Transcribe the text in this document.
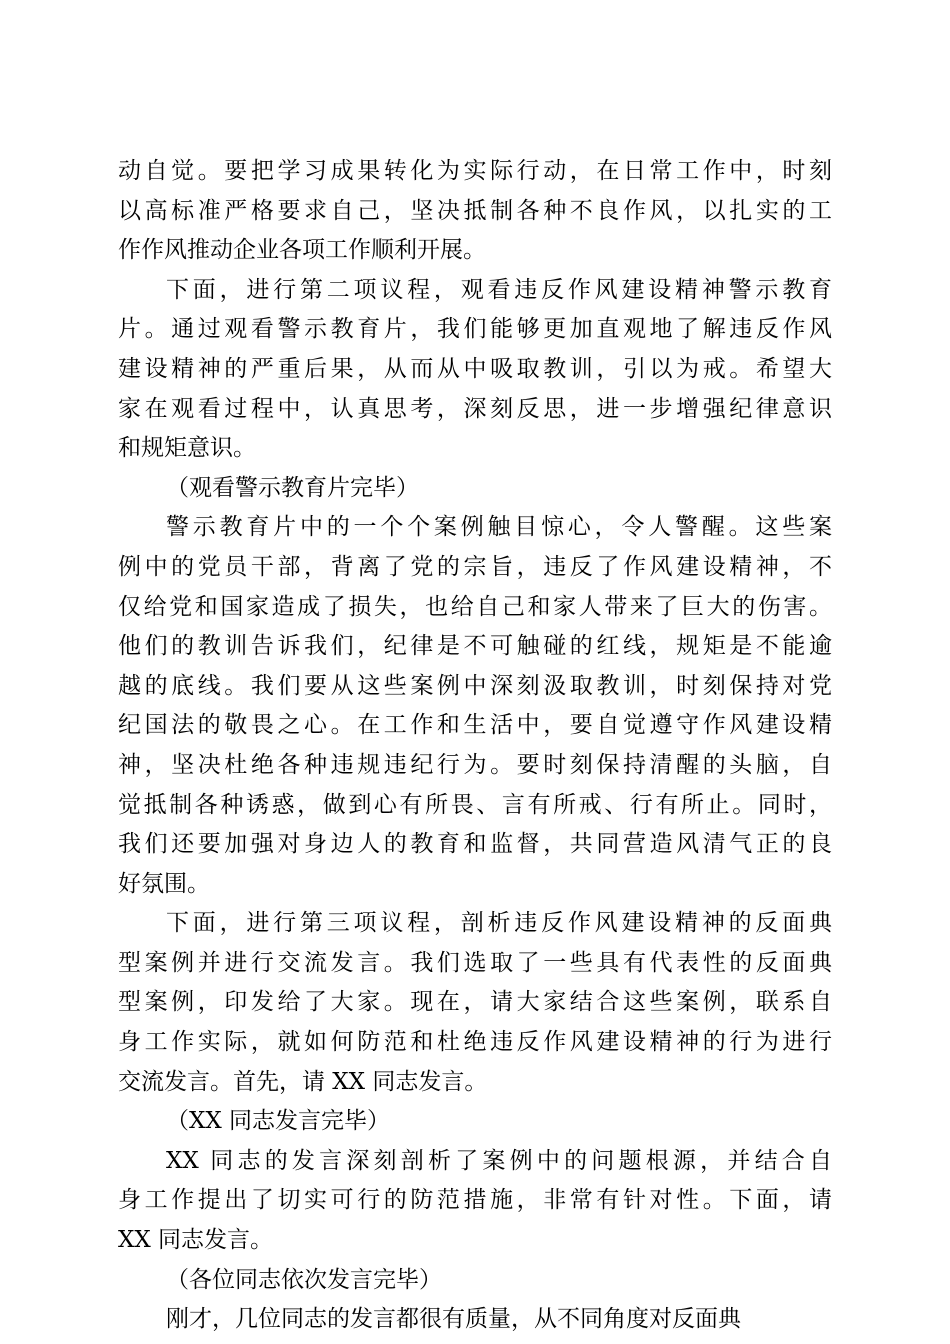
动自觉。要把学习成果转化为实际行动，在日常工作中，时刻
以高标准严格要求自己，坚决抵制各种不良作风，以扎实的工
作作风推动企业各项工作顺利开展。
下面，进行第二项议程，观看违反作风建设精神警示教育
片。通过观看警示教育片，我们能够更加直观地了解违反作风
建设精神的严重后果，从而从中吸取教训，引以为戒。希望大
家在观看过程中，认真思考，深刻反思，进一步增强纪律意识
和规矩意识。
（观看警示教育片完毕）
警示教育片中的一个个案例触目惊心，令人警醒。这些案
例中的党员干部，背离了党的宗旨，违反了作风建设精神，不
仅给党和国家造成了损失，也给自己和家人带来了巨大的伤害。
他们的教训告诉我们，纪律是不可触碰的红线，规矩是不能逾
越的底线。我们要从这些案例中深刻汲取教训，时刻保持对党
纪国法的敬畏之心。在工作和生活中，要自觉遵守作风建设精
神，坚决杜绝各种违规违纪行为。要时刻保持清醒的头脑，自
觉抵制各种诱惑，做到心有所畏、言有所戒、行有所止。同时，
我们还要加强对身边人的教育和监督，共同营造风清气正的良
好氛围。
下面，进行第三项议程，剖析违反作风建设精神的反面典
型案例并进行交流发言。我们选取了一些具有代表性的反面典
型案例，印发给了大家。现在，请大家结合这些案例，联系自
身工作实际，就如何防范和杜绝违反作风建设精神的行为进行
交流发言。首先，请 XX 同志发言。
（XX 同志发言完毕）
XX 同志的发言深刻剖析了案例中的问题根源，并结合自
身工作提出了切实可行的防范措施，非常有针对性。下面，请
XX 同志发言。
（各位同志依次发言完毕）
刚才，几位同志的发言都很有质量，从不同角度对反面典
